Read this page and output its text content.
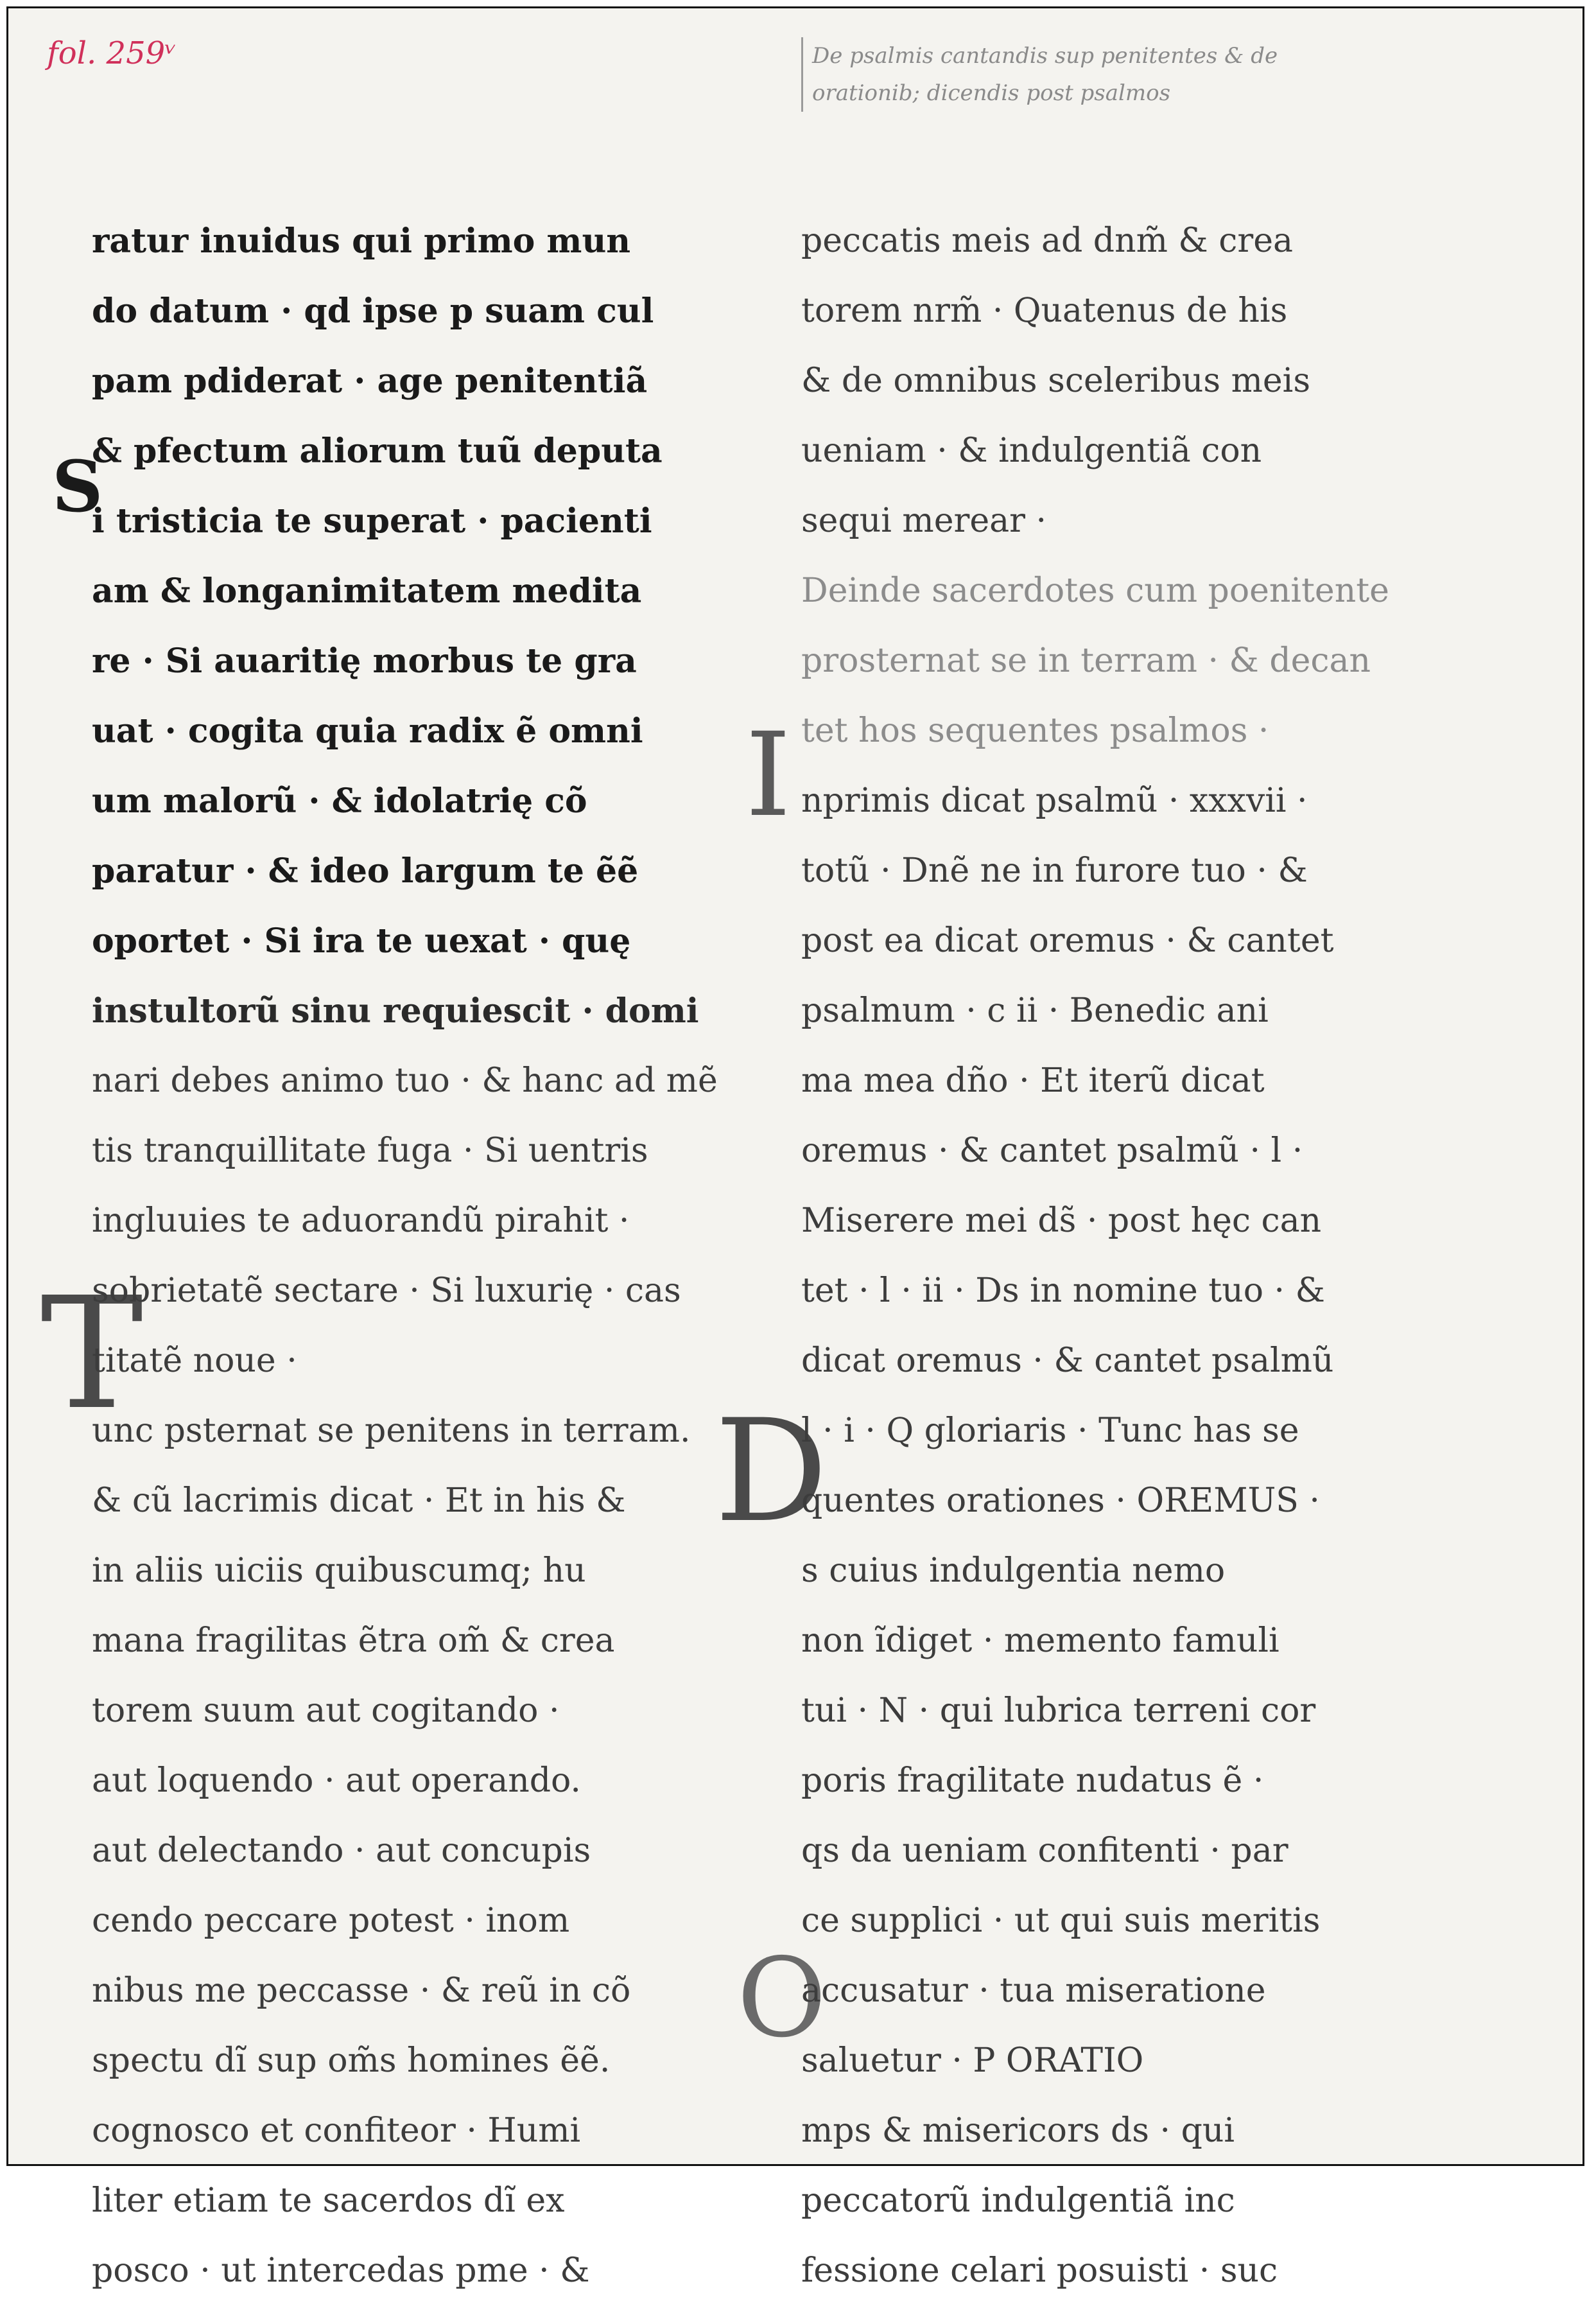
fol. 259ᵛ	De psalmis cantandis sup penitentes & de
orationib; dicendis post psalmos
S
T
I
D
O
ratur inuidus qui primo mun
do datum · qd ipse p suam cul
pam pdiderat · age penitentiã
& pfectum aliorum tuũ deputa
i tristicia te superat · pacienti
am & longanimitatem medita
re · Si auaritię morbus te gra
uat · cogita quia radix ẽ omni
um malorũ · & idolatrię cõ
paratur · & ideo largum te ẽẽ
oportet · Si ira te uexat · quę
instultorũ sinu requiescit · domi
nari debes animo tuo · & hanc ad mẽ
tis tranquillitate fuga · Si uentris
ingluuies te aduorandũ pirahit ·
sobrietatẽ sectare · Si luxurię · cas
titatẽ noue ·
unc psternat se penitens in terram.
& cũ lacrimis dicat · Et in his &
in aliis uiciis quibuscumq; hu
mana fragilitas ẽtra om̃ & crea
torem suum aut cogitando ·
aut loquendo · aut operando.
aut delectando · aut concupis
cendo peccare potest · inom
nibus me peccasse · & reũ in cõ
spectu dĩ sup om̃s homines ẽẽ.
cognosco et confiteor · Humi
liter etiam te sacerdos dĩ ex
posco · ut intercedas pme · &
peccatis meis ad dnm̃ & crea
torem nrm̃ · Quatenus de his
& de omnibus sceleribus meis
ueniam · & indulgentiã con
sequi merear ·
Deinde sacerdotes cum poenitente
prosternat se in terram · & decan
tet hos sequentes psalmos ·
nprimis dicat psalmũ · xxxvii ·
totũ · Dnẽ ne in furore tuo · &
post ea dicat oremus · & cantet
psalmum · c ii · Benedic ani
ma mea dño · Et iterũ dicat
oremus · & cantet psalmũ · l ·
Miserere mei ds̃ · post hęc can
tet · l · ii · Ds in nomine tuo · &
dicat oremus · & cantet psalmũ
l · i · Q gloriaris · Tunc has se
quentes orationes · OREMUS ·
s cuius indulgentia nemo
non ĩdiget · memento famuli
tui · N · qui lubrica terreni cor
poris fragilitate nudatus ẽ ·
qs da ueniam confitenti · par
ce supplici · ut qui suis meritis
accusatur · tua miseratione
saluetur · P ORATIO
mps & misericors ds · qui
peccatorũ indulgentiã inc
fessione celari posuisti · suc
